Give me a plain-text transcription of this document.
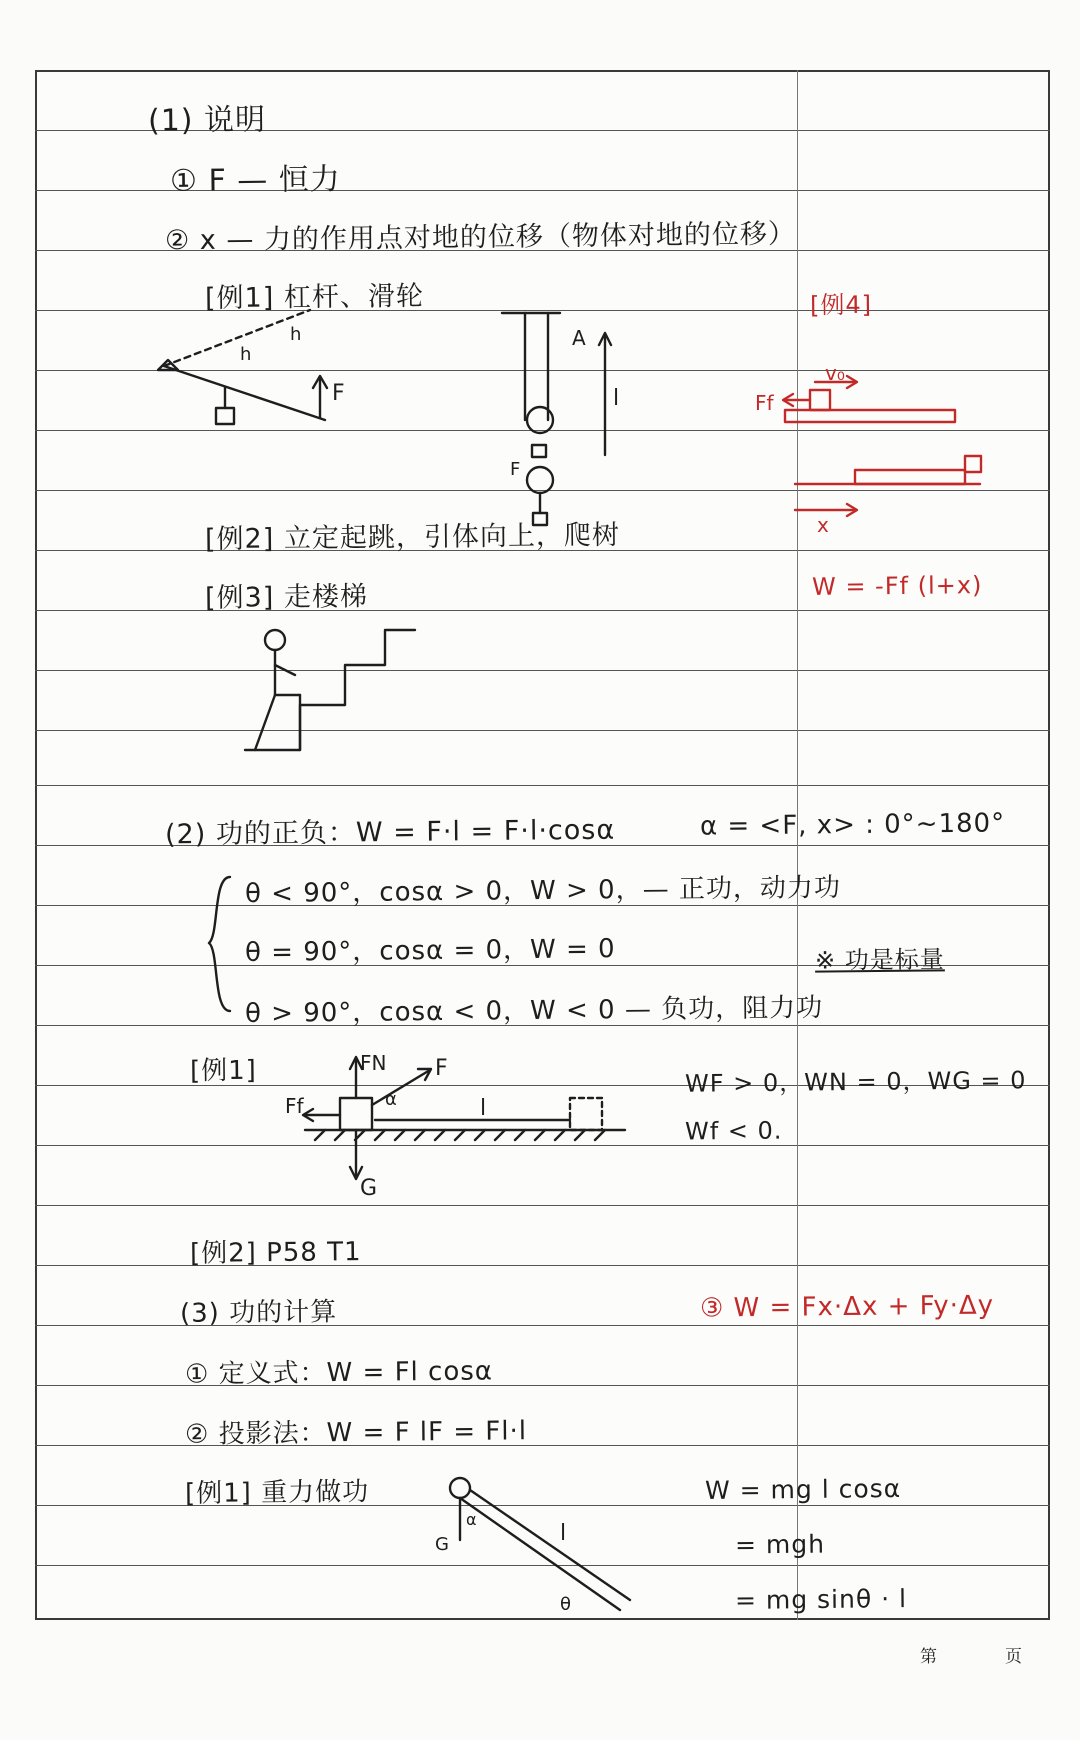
(1) 说明
① F — 恒力
② x — 力的作用点对地的位移（物体对地的位移）
[例1] 杠杆、滑轮
F
h
h	A
l
F
[例4]
v₀
Ff
x
W = -Ff (l+x)
[例2] 立定起跳，引体向上，爬树
[例3] 走楼梯
(2) 功的正负：W = F·l = F·l·cosα	α = <F, x> : 0°~180°
θ < 90°，cosα > 0，W > 0，— 正功，动力功
θ = 90°，cosα = 0，W = 0
θ > 90°，cosα < 0，W < 0 — 负功，阻力功
※ 功是标量
[例1]	FN F
α
Ff	l
G
WF > 0，WN = 0，WG = 0
Wf < 0.
[例2] P58 T1
(3) 功的计算	③ W = Fx·Δx + Fy·Δy
① 定义式：W = Fl cosα
② 投影法：W = F lF = Fl·l
[例1] 重力做功
G
α
l
θ
W = mg l cosα
= mgh
= mg sinθ · l
第	页
